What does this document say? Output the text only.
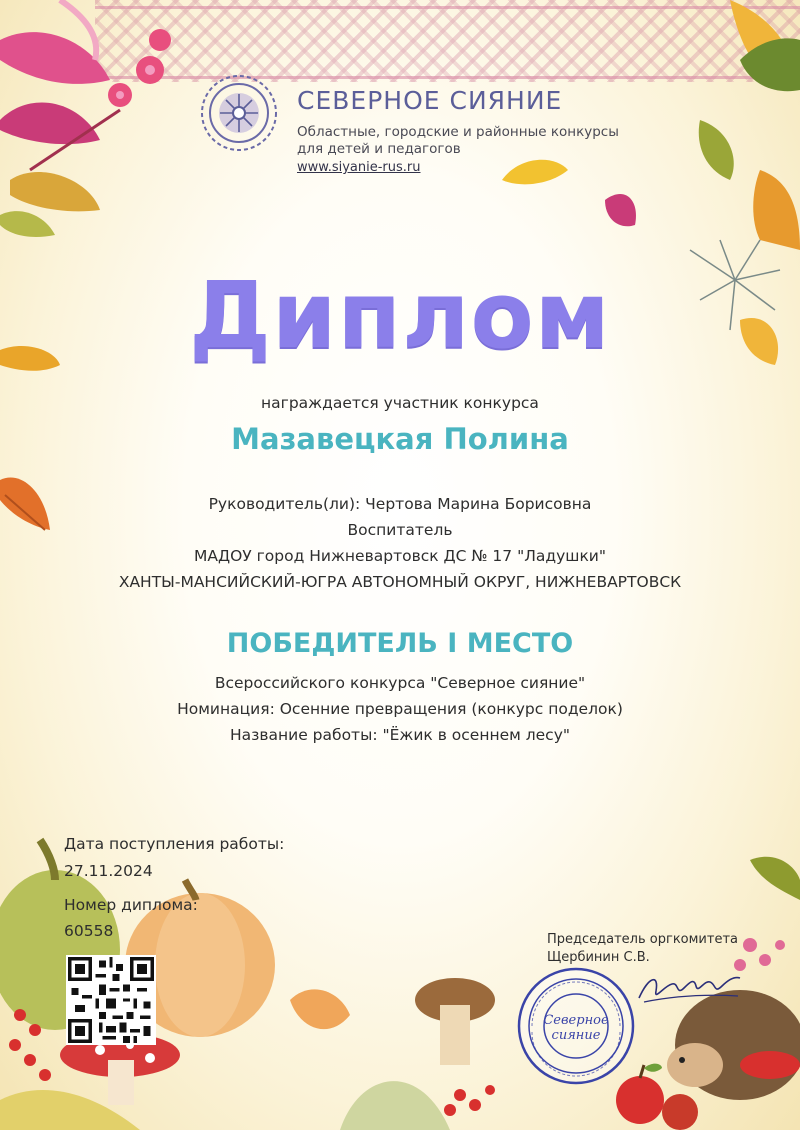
СЕВЕРНОЕ СИЯНИЕ
Областные, городские и районные конкурсы
для детей и педагогов
www.siyanie-rus.ru
Диплом
награждается участник конкурса
Мазавецкая Полина
Руководитель(ли): Чертова Марина Борисовна
Воспитатель
МАДОУ город Нижневартовск ДС № 17 "Ладушки"
ХАНТЫ-МАНСИЙСКИЙ-ЮГРА АВТОНОМНЫЙ ОКРУГ, НИЖНЕВАРТОВСК
ПОБЕДИТЕЛЬ I МЕСТО
Всероссийского конкурса "Северное сияние"
Номинация: Осенние превращения (конкурс поделок)
Название работы: "Ёжик в осеннем лесу"
Дата поступления работы:
27.11.2024
Номер диплома:
60558	Председатель оргкомитета
Щербинин С.В.
Северное
сияние
